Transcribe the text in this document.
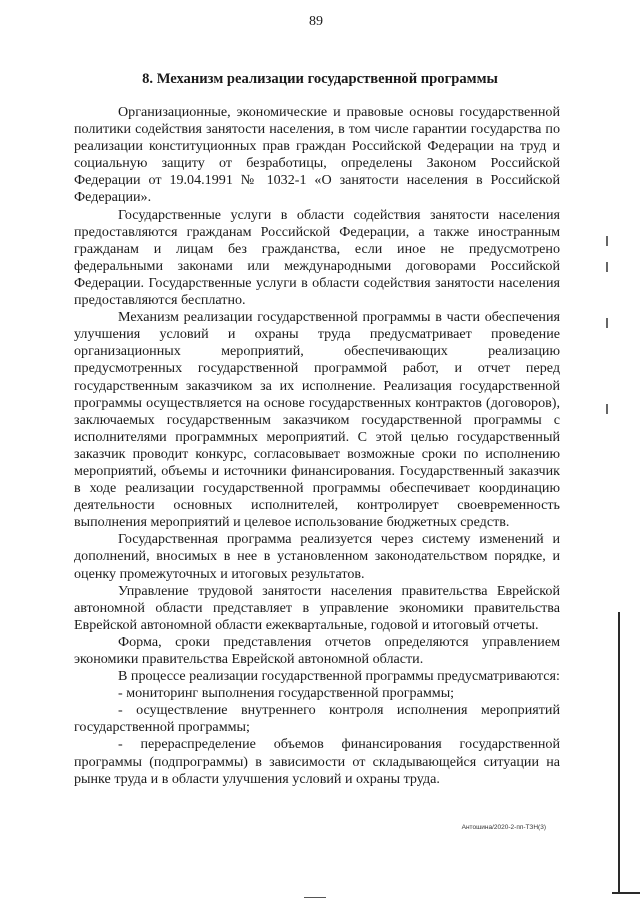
89
8. Механизм реализации государственной программы

Организационные, экономические и правовые основы государственной политики содействия занятости населения, в том числе гарантии государства по реализации конституционных прав граждан Российской Федерации на труд и социальную защиту от безработицы, определены Законом Российской Федерации от 19.04.1991 № 1032-1 «О занятости населения в Российской Федерации».

Государственные услуги в области содействия занятости населения предоставляются гражданам Российской Федерации, а также иностранным гражданам и лицам без гражданства, если иное не предусмотрено федеральными законами или международными договорами Российской Федерации. Государственные услуги в области содействия занятости населения предоставляются бесплатно.

Механизм реализации государственной программы в части обеспечения улучшения условий и охраны труда предусматривает проведение организационных мероприятий, обеспечивающих реализацию предусмотренных государственной программой работ, и отчет перед государственным заказчиком за их исполнение. Реализация государственной программы осуществляется на основе государственных контрактов (договоров), заключаемых государственным заказчиком государственной программы с исполнителями программных мероприятий. С этой целью государственный заказчик проводит конкурс, согласовывает возможные сроки по исполнению мероприятий, объемы и источники финансирования. Государственный заказчик в ходе реализации государственной программы обеспечивает координацию деятельности основных исполнителей, контролирует своевременность выполнения мероприятий и целевое использование бюджетных средств.

Государственная программа реализуется через систему изменений и дополнений, вносимых в нее в установленном законодательством порядке, и оценку промежуточных и итоговых результатов.

Управление трудовой занятости населения правительства Еврейской автономной области представляет в управление экономики правительства Еврейской автономной области ежеквартальные, годовой и итоговый отчеты.

Форма, сроки представления отчетов определяются управлением экономики правительства Еврейской автономной области.

В процессе реализации государственной программы предусматриваются:

- мониторинг выполнения государственной программы;

- осуществление внутреннего контроля исполнения мероприятий государственной программы;

- перераспределение объемов финансирования государственной программы (подпрограммы) в зависимости от складывающейся ситуации на рынке труда и в области улучшения условий и охраны труда.

Антошина/2020-2-пп-ТЗН(3)
